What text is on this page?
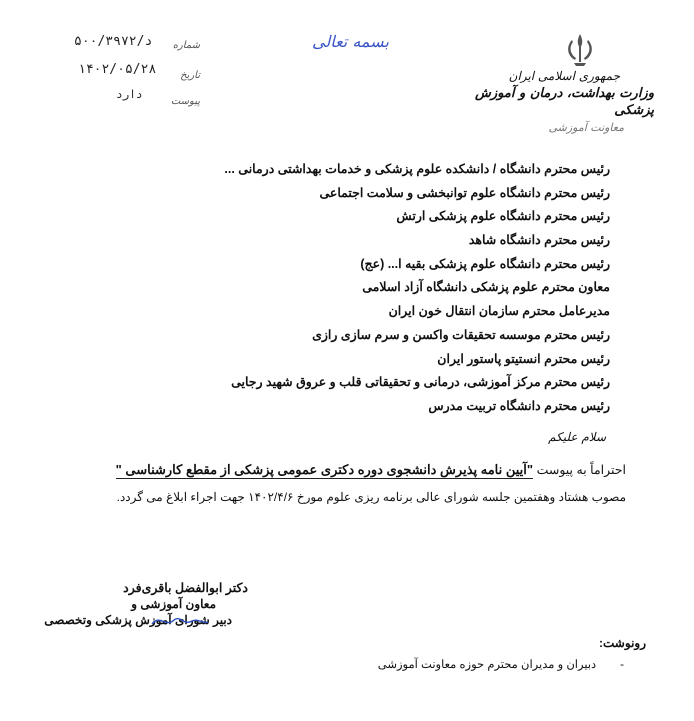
جمهوری اسلامی ایران
وزارت بهداشت، درمان و آموزش پزشکی
معاونت آموزشی
بسمه تعالی
د/۵۰۰/۳۹۷۲ شماره
۱۴۰۲/۰۵/۲۸ تاریخ
دارد
پیوست
رئیس محترم دانشگاه / دانشکده علوم پزشکی و خدمات بهداشتی درمانی ...
رئیس محترم دانشگاه علوم توانبخشی و سلامت اجتماعی
رئیس محترم دانشگاه علوم پزشکی ارتش
رئیس محترم دانشگاه شاهد
رئیس محترم دانشگاه علوم پزشکی بقیه ا... (عج)
معاون محترم علوم پزشکی دانشگاه آزاد اسلامی
مدیرعامل محترم سازمان انتقال خون ایران
رئیس محترم موسسه تحقیقات واکسن و سرم سازی رازی
رئیس محترم انستیتو پاستور ایران
رئیس محترم مرکز آموزشی، درمانی و تحقیقاتی قلب و عروق شهید رجایی
رئیس محترم دانشگاه تربیت مدرس
سلام علیکم
احتراماً به پیوست "آیین نامه پذیرش دانشجوی دوره دکتری عمومی پزشکی از مقطع کارشناسی "
مصوب هشتاد وهفتمین جلسه شورای عالی برنامه ریزی علوم مورخ ۱۴۰۲/۴/۶ جهت اجراء ابلاغ می گردد.
دکتر ابوالفضل باقری‌فرد
معاون آموزشی و
دبیر شورای آموزش پزشکی وتخصصی
رونوشت:
-دبیران و مدیران محترم حوزه معاونت آموزشی
